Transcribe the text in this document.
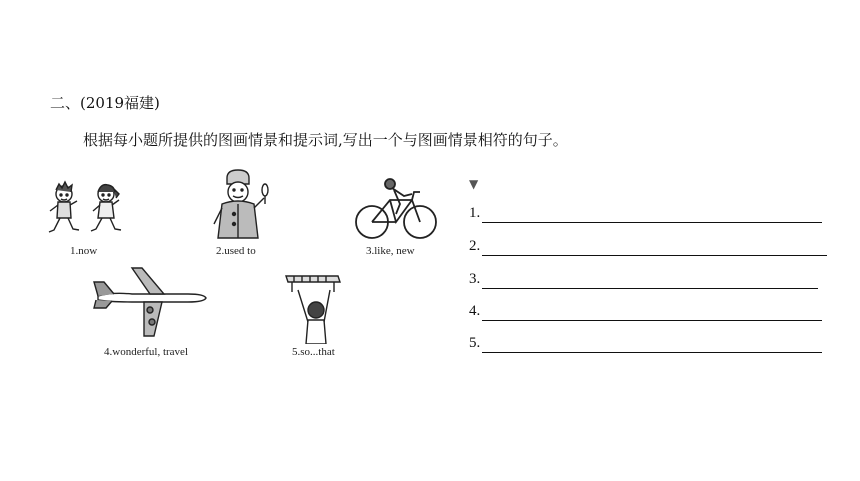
二、(2019福建)
根据每小题所提供的图画情景和提示词,写出一个与图画情景相符的句子。
1.now	2.used to	3.like, new
4.wonderful, travel	5.so...that
▼
1.
2.
3.
4.
5.
